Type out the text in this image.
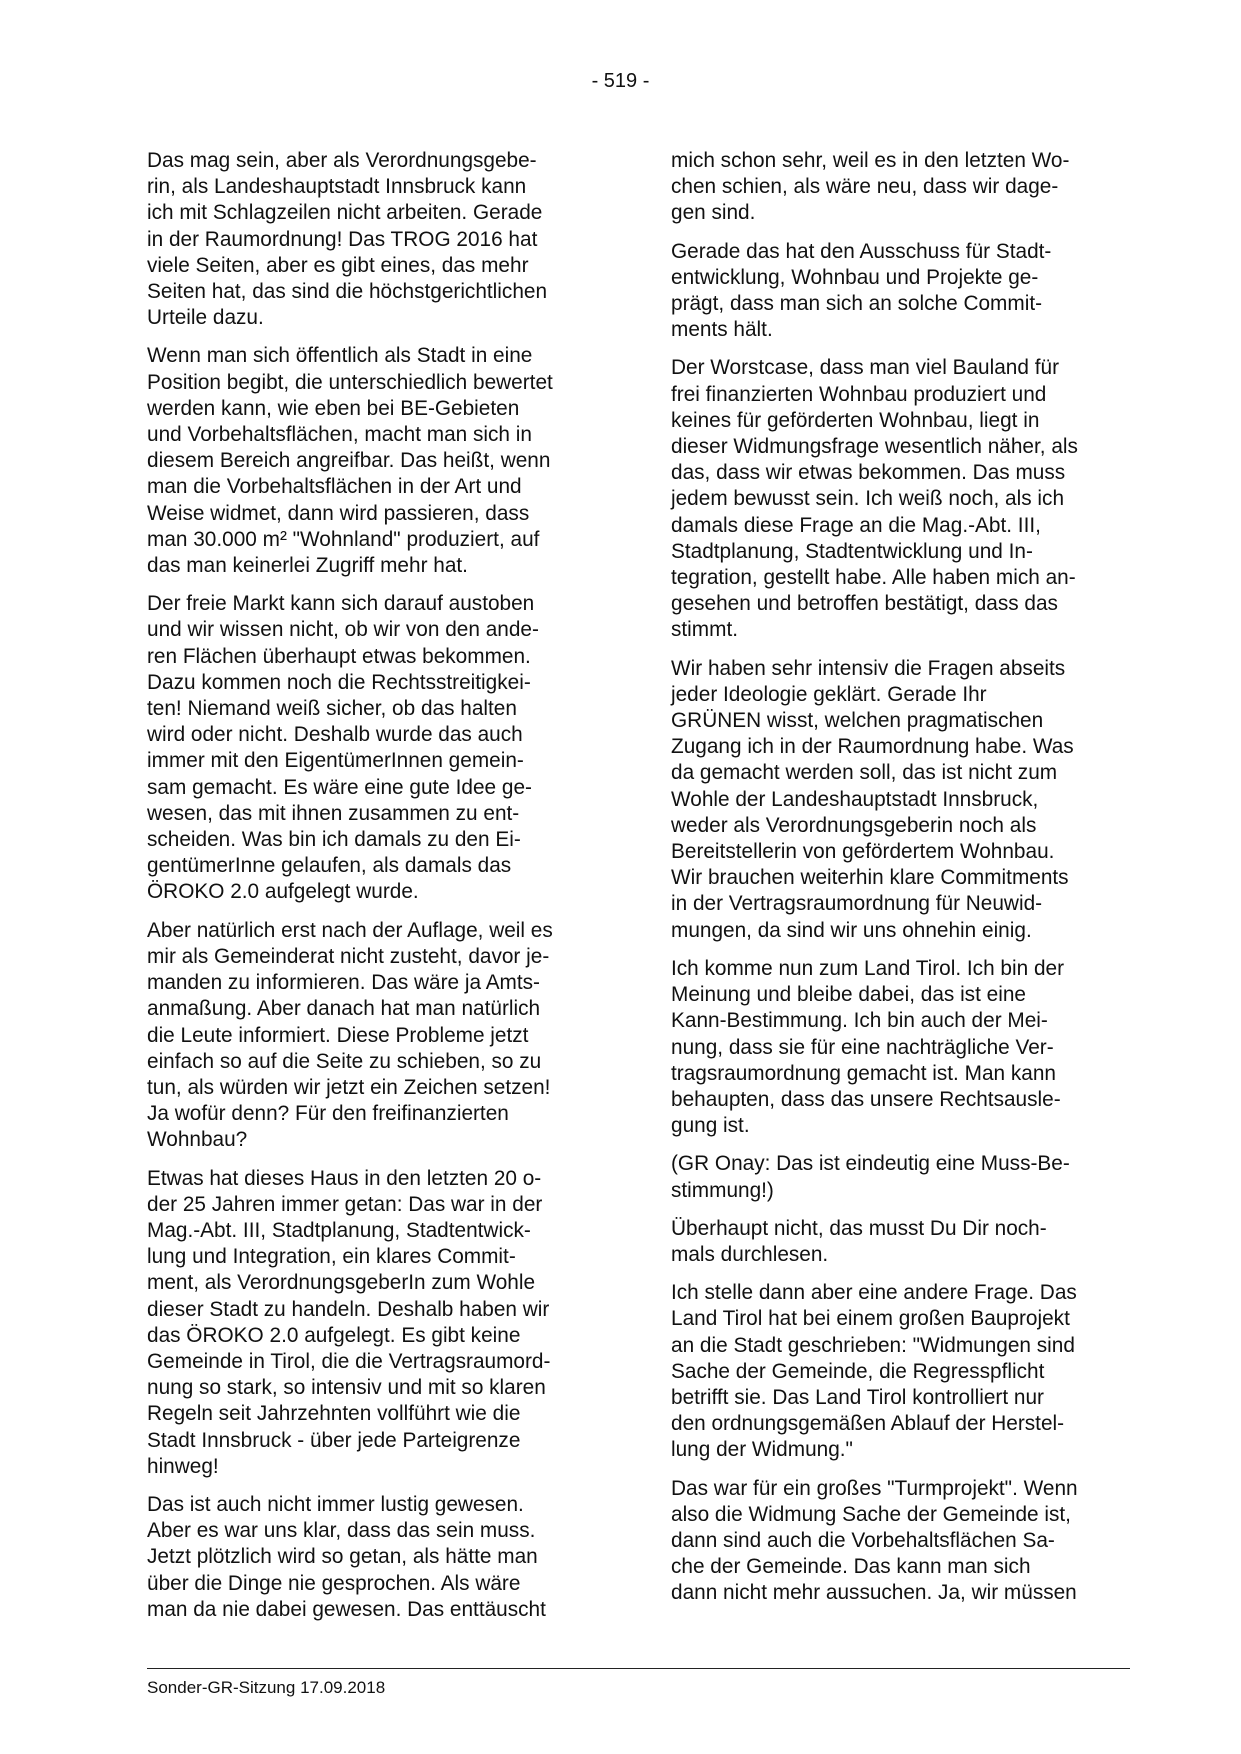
- 519 -

Das mag sein, aber als Verordnungsgebe-
rin, als Landeshauptstadt Innsbruck kann
ich mit Schlagzeilen nicht arbeiten. Gerade
in der Raumordnung! Das TROG 2016 hat
viele Seiten, aber es gibt eines, das mehr
Seiten hat, das sind die höchstgerichtlichen
Urteile dazu.

Wenn man sich öffentlich als Stadt in eine
Position begibt, die unterschiedlich bewertet
werden kann, wie eben bei BE-Gebieten
und Vorbehaltsflächen, macht man sich in
diesem Bereich angreifbar. Das heißt, wenn
man die Vorbehaltsflächen in der Art und
Weise widmet, dann wird passieren, dass
man 30.000 m² "Wohnland" produziert, auf
das man keinerlei Zugriff mehr hat.

Der freie Markt kann sich darauf austoben
und wir wissen nicht, ob wir von den ande-
ren Flächen überhaupt etwas bekommen.
Dazu kommen noch die Rechtsstreitigkei-
ten! Niemand weiß sicher, ob das halten
wird oder nicht. Deshalb wurde das auch
immer mit den EigentümerInnen gemein-
sam gemacht. Es wäre eine gute Idee ge-
wesen, das mit ihnen zusammen zu ent-
scheiden. Was bin ich damals zu den Ei-
gentümerInne gelaufen, als damals das
ÖROKO 2.0 aufgelegt wurde.

Aber natürlich erst nach der Auflage, weil es
mir als Gemeinderat nicht zusteht, davor je-
manden zu informieren. Das wäre ja Amts-
anmaßung. Aber danach hat man natürlich
die Leute informiert. Diese Probleme jetzt
einfach so auf die Seite zu schieben, so zu
tun, als würden wir jetzt ein Zeichen setzen!
Ja wofür denn? Für den freifinanzierten
Wohnbau?

Etwas hat dieses Haus in den letzten 20 o-
der 25 Jahren immer getan: Das war in der
Mag.-Abt. III, Stadtplanung, Stadtentwick-
lung und Integration, ein klares Commit-
ment, als VerordnungsgeberIn zum Wohle
dieser Stadt zu handeln. Deshalb haben wir
das ÖROKO 2.0 aufgelegt. Es gibt keine
Gemeinde in Tirol, die die Vertragsraumord-
nung so stark, so intensiv und mit so klaren
Regeln seit Jahrzehnten vollführt wie die
Stadt Innsbruck - über jede Parteigrenze
hinweg!

Das ist auch nicht immer lustig gewesen.
Aber es war uns klar, dass das sein muss.
Jetzt plötzlich wird so getan, als hätte man
über die Dinge nie gesprochen. Als wäre
man da nie dabei gewesen. Das enttäuscht

mich schon sehr, weil es in den letzten Wo-
chen schien, als wäre neu, dass wir dage-
gen sind.

Gerade das hat den Ausschuss für Stadt-
entwicklung, Wohnbau und Projekte ge-
prägt, dass man sich an solche Commit-
ments hält.

Der Worstcase, dass man viel Bauland für
frei finanzierten Wohnbau produziert und
keines für geförderten Wohnbau, liegt in
dieser Widmungsfrage wesentlich näher, als
das, dass wir etwas bekommen. Das muss
jedem bewusst sein. Ich weiß noch, als ich
damals diese Frage an die Mag.-Abt. III,
Stadtplanung, Stadtentwicklung und In-
tegration, gestellt habe. Alle haben mich an-
gesehen und betroffen bestätigt, dass das
stimmt.

Wir haben sehr intensiv die Fragen abseits
jeder Ideologie geklärt. Gerade Ihr
GRÜNEN wisst, welchen pragmatischen
Zugang ich in der Raumordnung habe. Was
da gemacht werden soll, das ist nicht zum
Wohle der Landeshauptstadt Innsbruck,
weder als Verordnungsgeberin noch als
Bereitstellerin von gefördertem Wohnbau.
Wir brauchen weiterhin klare Commitments
in der Vertragsraumordnung für Neuwid-
mungen, da sind wir uns ohnehin einig.

Ich komme nun zum Land Tirol. Ich bin der
Meinung und bleibe dabei, das ist eine
Kann-Bestimmung. Ich bin auch der Mei-
nung, dass sie für eine nachträgliche Ver-
tragsraumordnung gemacht ist. Man kann
behaupten, dass das unsere Rechtsausle-
gung ist.

(GR Onay: Das ist eindeutig eine Muss-Be-
stimmung!)

Überhaupt nicht, das musst Du Dir noch-
mals durchlesen.

Ich stelle dann aber eine andere Frage. Das
Land Tirol hat bei einem großen Bauprojekt
an die Stadt geschrieben: "Widmungen sind
Sache der Gemeinde, die Regresspflicht
betrifft sie. Das Land Tirol kontrolliert nur
den ordnungsgemäßen Ablauf der Herstel-
lung der Widmung."

Das war für ein großes "Turmprojekt". Wenn
also die Widmung Sache der Gemeinde ist,
dann sind auch die Vorbehaltsflächen Sa-
che der Gemeinde. Das kann man sich
dann nicht mehr aussuchen. Ja, wir müssen

Sonder-GR-Sitzung 17.09.2018
